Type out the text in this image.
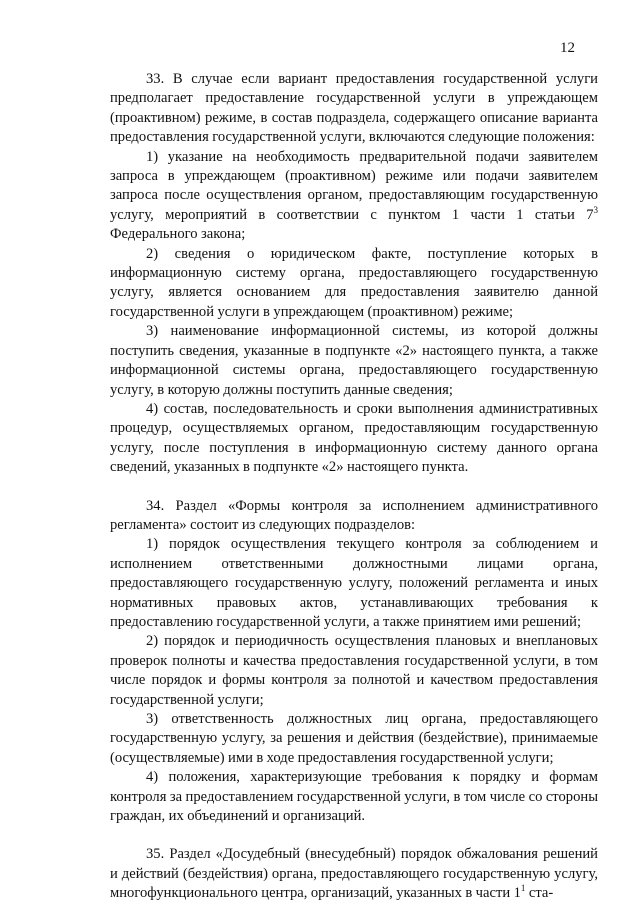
12

33. В случае если вариант предоставления государственной услуги предполагает предоставление государственной услуги в упреждающем (проактивном) режиме, в состав подраздела, содержащего описание варианта предоставления государственной услуги, включаются следующие положения:

1) указание на необходимость предварительной подачи заявителем запроса в упреждающем (проактивном) режиме или подачи заявителем запроса после осуществления органом, предоставляющим государственную услугу, мероприятий в соответствии с пунктом 1 части 1 статьи $7^3$ Федерального закона;

2) сведения о юридическом факте, поступление которых в информационную систему органа, предоставляющего государственную услугу, является основанием для предоставления заявителю данной государственной услуги в упреждающем (проактивном) режиме;

3) наименование информационной системы, из которой должны поступить сведения, указанные в подпункте «2» настоящего пункта, а также информационной системы органа, предоставляющего государственную услугу, в которую должны поступить данные сведения;

4) состав, последовательность и сроки выполнения административных процедур, осуществляемых органом, предоставляющим государственную услугу, после поступления в информационную систему данного органа сведений, указанных в подпункте «2» настоящего пункта.

34. Раздел «Формы контроля за исполнением административного регламента» состоит из следующих подразделов:

1) порядок осуществления текущего контроля за соблюдением и исполнением ответственными должностными лицами органа, предоставляющего государственную услугу, положений регламента и иных нормативных правовых актов, устанавливающих требования к предоставлению государственной услуги, а также принятием ими решений;

2) порядок и периодичность осуществления плановых и внеплановых проверок полноты и качества предоставления государственной услуги, в том числе порядок и формы контроля за полнотой и качеством предоставления государственной услуги;

3) ответственность должностных лиц органа, предоставляющего государственную услугу, за решения и действия (бездействие), принимаемые (осуществляемые) ими в ходе предоставления государственной услуги;

4) положения, характеризующие требования к порядку и формам контроля за предоставлением государственной услуги, в том числе со стороны граждан, их объединений и организаций.

35. Раздел «Досудебный (внесудебный) порядок обжалования решений и действий (бездействия) органа, предоставляющего государственную услугу, многофункционального центра, организаций, указанных в части $1^1$ ста-
